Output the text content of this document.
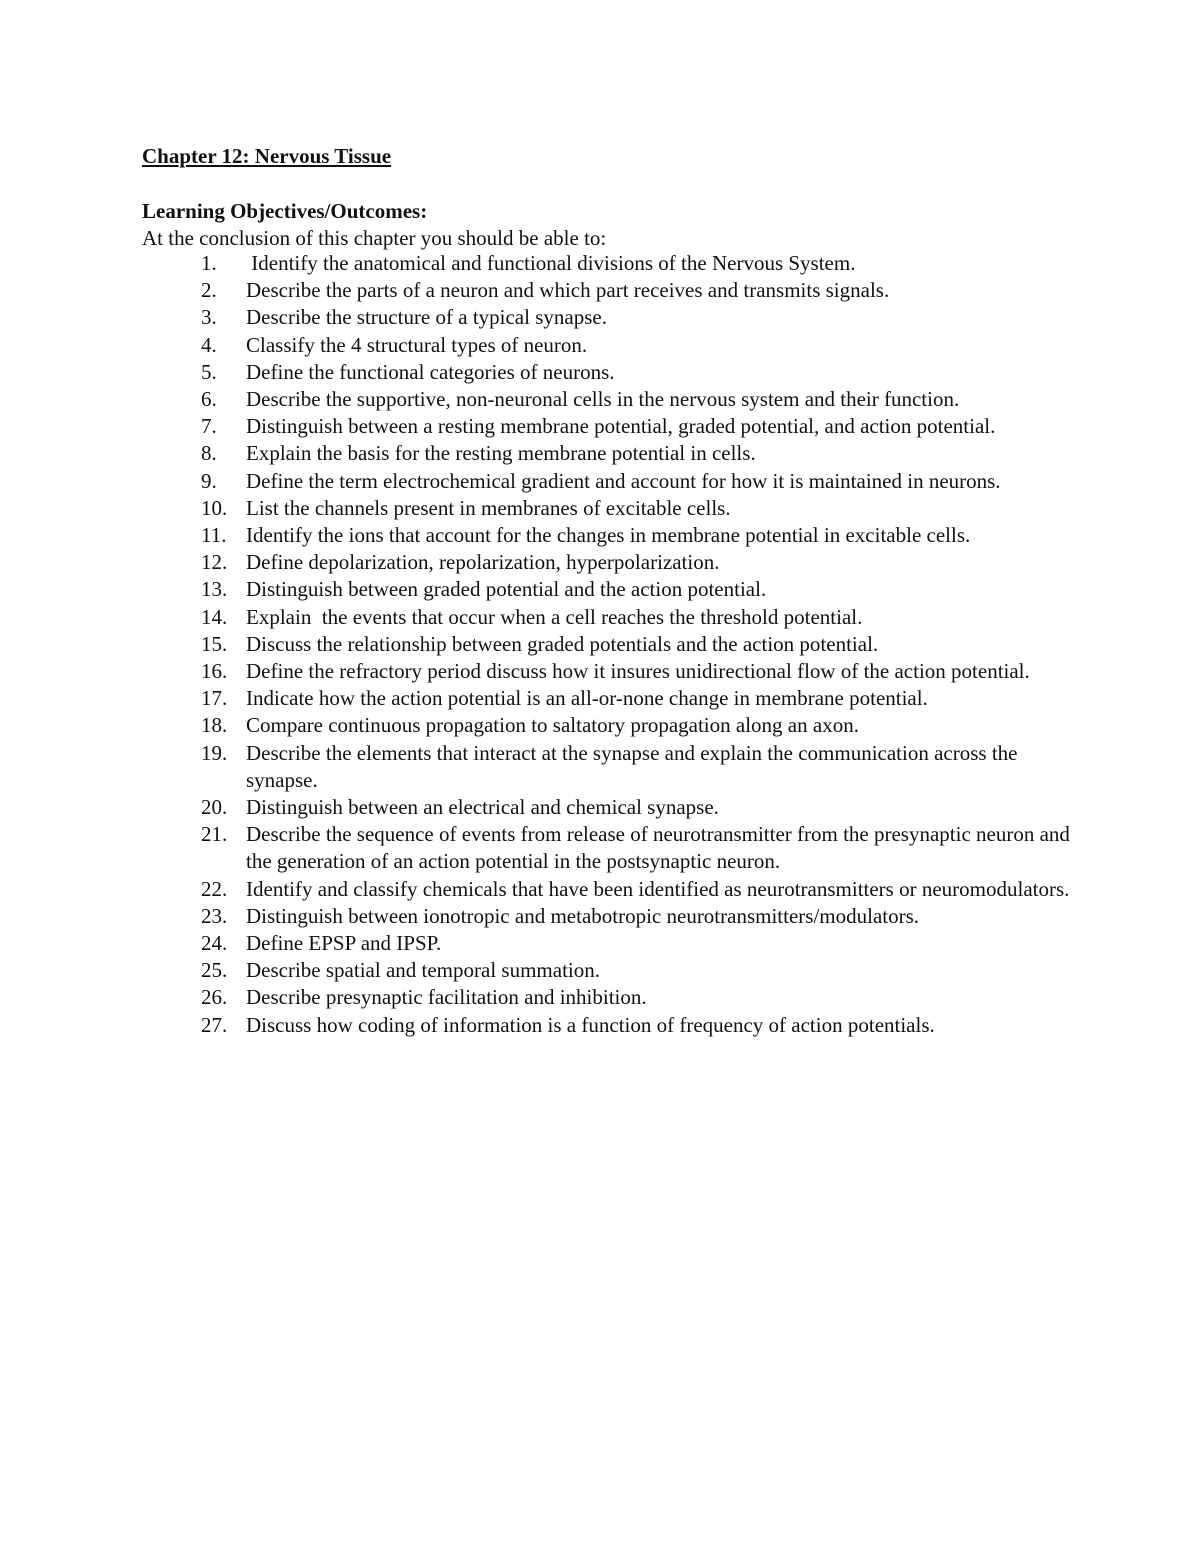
Chapter 12: Nervous Tissue
Learning Objectives/Outcomes:
At the conclusion of this chapter you should be able to:
1.	Identify the anatomical and functional divisions of the Nervous System.
2.	Describe the parts of a neuron and which part receives and transmits signals.
3.	Describe the structure of a typical synapse.
4.	Classify the 4 structural types of neuron.
5.	Define the functional categories of neurons.
6.	Describe the supportive, non-neuronal cells in the nervous system and their function.
7.	Distinguish between a resting membrane potential, graded potential, and action potential.
8.	Explain the basis for the resting membrane potential in cells.
9.	Define the term electrochemical gradient and account for how it is maintained in neurons.
10. List the channels present in membranes of excitable cells.
11. Identify the ions that account for the changes in membrane potential in excitable cells.
12. Define depolarization, repolarization, hyperpolarization.
13. Distinguish between graded potential and the action potential.
14. Explain  the events that occur when a cell reaches the threshold potential.
15. Discuss the relationship between graded potentials and the action potential.
16. Define the refractory period discuss how it insures unidirectional flow of the action potential.
17. Indicate how the action potential is an all-or-none change in membrane potential.
18. Compare continuous propagation to saltatory propagation along an axon.
19. Describe the elements that interact at the synapse and explain the communication across the synapse.
20. Distinguish between an electrical and chemical synapse.
21. Describe the sequence of events from release of neurotransmitter from the presynaptic neuron and the generation of an action potential in the postsynaptic neuron.
22. Identify and classify chemicals that have been identified as neurotransmitters or neuromodulators.
23. Distinguish between ionotropic and metabotropic neurotransmitters/modulators.
24. Define EPSP and IPSP.
25. Describe spatial and temporal summation.
26. Describe presynaptic facilitation and inhibition.
27. Discuss how coding of information is a function of frequency of action potentials.
